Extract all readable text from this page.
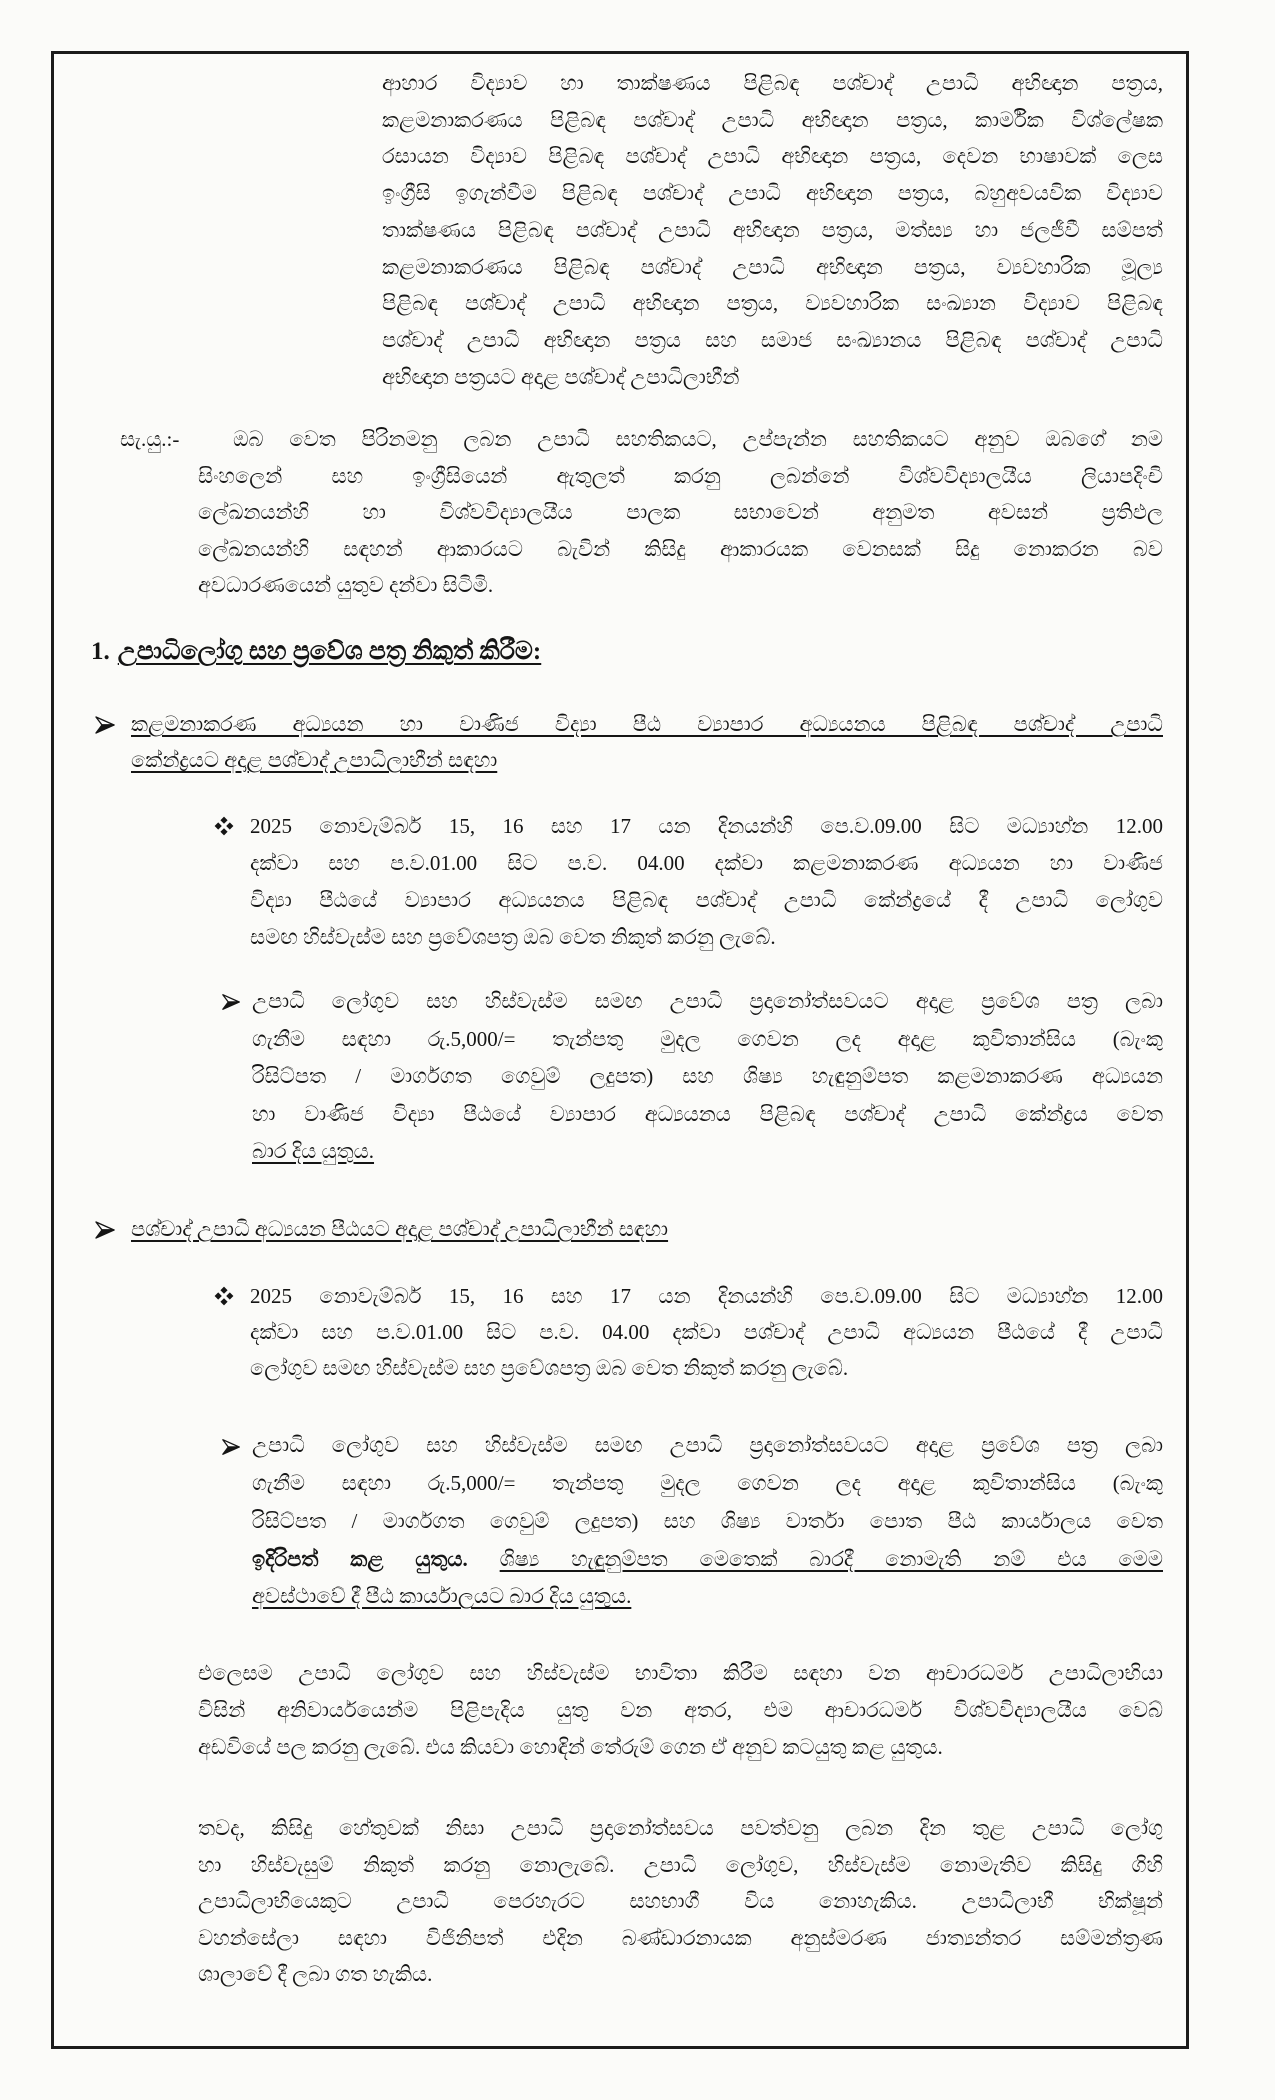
ආහාර විද්‍යාව හා තාක්ෂණය පිළිබඳ පශ්චාද් උපාධි අභිඥාන පත්‍රය,
කළමනාකරණය පිළිබඳ පශ්චාද් උපාධි අභිඥාන පත්‍රය, කාර්මික විශ්ලේෂක
රසායන විද්‍යාව පිළිබඳ පශ්චාද් උපාධි අභිඥාන පත්‍රය, දෙවන භාෂාවක් ලෙස
ඉංග්‍රීසි ඉගැන්වීම පිළිබඳ පශ්චාද් උපාධි අභිඥාන පත්‍රය, බහුඅවයවික විද්‍යාව
තාක්ෂණය පිළිබඳ පශ්චාද් උපාධි අභිඥාන පත්‍රය, මත්ස්‍ය හා ජලජීවී සම්පත්
කළමනාකරණය පිළිබඳ පශ්චාද් උපාධි අභිඥාන පත්‍රය, ව්‍යවහාරික මූල්‍ය
පිළිබඳ පශ්චාද් උපාධි අභිඥාන පත්‍රය, ව්‍යවහාරික සංඛ්‍යාන විද්‍යාව පිළිබඳ
පශ්චාද් උපාධි අභිඥාන පත්‍රය සහ සමාජ සංඛ්‍යානය පිළිබඳ පශ්චාද් උපාධි
අභිඥාන පත්‍රයට අදාළ පශ්චාද් උපාධිලාභීන්
සැ.යු.:-	ඔබ වෙත පිරිනමනු ලබන උපාධි සහතිකයට, උප්පැන්න සහතිකයට අනුව ඔබගේ නම
සිංහලෙන් සහ ඉංග්‍රීසියෙන් ඇතුලත් කරනු ලබන්නේ විශ්වවිද්‍යාලයීය ලියාපදිංචි
ලේඛනයන්හි හා විශ්වවිද්‍යාලයීය පාලක සභාවෙන් අනුමත අවසන් ප්‍රතිඵල
ලේඛනයන්හි සඳහන් ආකාරයට බැවින් කිසිදු ආකාරයක වෙනසක් සිදු නොකරන බව
අවධාරණයෙන් යුතුව දන්වා සිටිමි.
1. උපාධිලෝගු සහ ප්‍රවේශ පත්‍ර නිකුත් කිරීම:
කළමනාකරණ අධ්‍යයන හා වාණිජ විද්‍යා පීඨ ව්‍යාපාර අධ්‍යයනය පිළිබඳ පශ්චාද් උපාධි
කේන්ද්‍රයට අදාළ පශ්චාද් උපාධිලාභීන් සඳහා
2025 නොවැම්බර් 15, 16 සහ 17 යන දිනයන්හි පෙ.ව.09.00 සිට මධ්‍යාහ්න 12.00
දක්වා සහ ප.ව.01.00 සිට ප.ව. 04.00 දක්වා කළමනාකරණ අධ්‍යයන හා වාණිජ
විද්‍යා පීඨයේ ව්‍යාපාර අධ්‍යයනය පිළිබඳ පශ්චාද් උපාධි කේන්ද්‍රයේ දී උපාධි ලෝගුව
සමඟ හිස්වැස්ම සහ ප්‍රවේශපත්‍ර ඔබ වෙත නිකුත් කරනු ලැබේ.
උපාධි ලෝගුව සහ හිස්වැස්ම සමඟ උපාධි ප්‍රදානෝත්සවයට අදාළ ප්‍රවේශ පත්‍ර ලබා
ගැනීම සඳහා රු.5,000/= තැන්පතු මුදල ගෙවන ලද අදාළ කුවිතාන්සිය (බැංකු
රිසිට්පත / මාර්ගගත ගෙවුම් ලදුපත) සහ ශිෂ්‍ය හැඳුනුම්පත කළමනාකරණ අධ්‍යයන
හා වාණිජ විද්‍යා පීඨයේ ව්‍යාපාර අධ්‍යයනය පිළිබඳ පශ්චාද් උපාධි කේන්ද්‍රය වෙත
බාර දිය යුතුය.
පශ්චාද් උපාධි අධ්‍යයන පීඨයට අදාළ පශ්චාද් උපාධිලාභීන් සඳහා
2025 නොවැම්බර් 15, 16 සහ 17 යන දිනයන්හි පෙ.ව.09.00 සිට මධ්‍යාහ්න 12.00
දක්වා සහ ප.ව.01.00 සිට ප.ව. 04.00 දක්වා පශ්චාද් උපාධි අධ්‍යයන පීඨයේ දී උපාධි
ලෝගුව සමඟ හිස්වැස්ම සහ ප්‍රවේශපත්‍ර ඔබ වෙත නිකුත් කරනු ලැබේ.
උපාධි ලෝගුව සහ හිස්වැස්ම සමඟ උපාධි ප්‍රදානෝත්සවයට අදාළ ප්‍රවේශ පත්‍ර ලබා
ගැනීම සඳහා රු.5,000/= තැන්පතු මුදල ගෙවන ලද අදාළ කුවිතාන්සිය (බැංකු
රිසිට්පත / මාර්ගගත ගෙවුම් ලදුපත) සහ ශිෂ්‍ය වාර්තා පොත පීඨ කාර්යාලය වෙත
ඉදිරිපත් කළ යුතුය. ශිෂ්‍ය හැඳුනුම්පත මෙතෙක් බාරදී නොමැති නම් එය මෙම
අවස්ථාවේ දී පීඨ කාර්යාලයට බාර දිය යුතුය.
එලෙසම උපාධි ලෝගුව සහ හිස්වැස්ම භාවිතා කිරීම සඳහා වන ආචාරධර්ම උපාධිලාභියා
විසින් අනිවාර්යයෙන්ම පිළිපැදිය යුතු වන අතර, එම ආචාරධර්ම විශ්වවිද්‍යාලයීය වෙබ්
අඩවියේ පල කරනු ලැබේ. එය කියවා හොඳින් තේරුම් ගෙන ඒ අනුව කටයුතු කළ යුතුය.
තවද, කිසිදු හේතුවක් නිසා උපාධි ප්‍රදානෝත්සවය පවත්වනු ලබන දින තුළ උපාධි ලෝගු
හා හිස්වැසුම් නිකුත් කරනු නොලැබේ. උපාධි ලෝගුව, හිස්වැස්ම නොමැතිව කිසිදු ගිහි
උපාධිලාභියෙකුට උපාධි පෙරහැරට සහභාගී විය නොහැකිය. උපාධිලාභී භික්ෂූන්
වහන්සේලා සඳහා විජිනිපත් එදින බණ්ඩාරනායක අනුස්මරණ ජාත්‍යන්තර සම්මන්ත්‍රණ
ශාලාවේ දී ලබා ගත හැකිය.
